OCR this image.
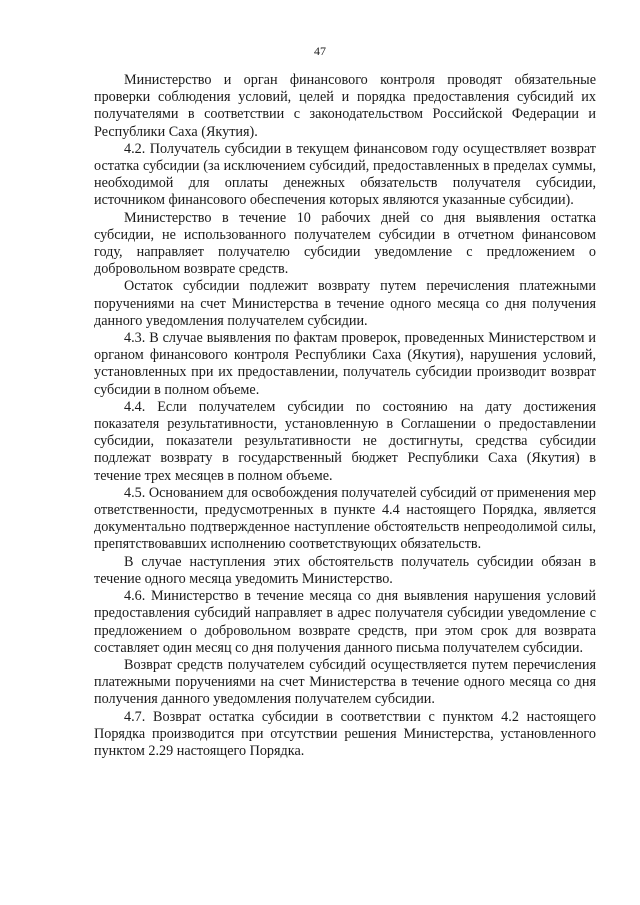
47

Министерство и орган финансового контроля проводят обязательные проверки соблюдения условий, целей и порядка предоставления субсидий их получателями в соответствии с законодательством Российской Федерации и Республики Саха (Якутия).

4.2. Получатель субсидии в текущем финансовом году осуществляет возврат остатка субсидии (за исключением субсидий, предоставленных в пределах суммы, необходимой для оплаты денежных обязательств получателя субсидии, источником финансового обеспечения которых являются указанные субсидии).

Министерство в течение 10 рабочих дней со дня выявления остатка субсидии, не использованного получателем субсидии в отчетном финансовом году, направляет получателю субсидии уведомление с предложением о добровольном возврате средств.

Остаток субсидии подлежит возврату путем перечисления платежными поручениями на счет Министерства в течение одного месяца со дня получения данного уведомления получателем субсидии.

4.3. В случае выявления по фактам проверок, проведенных Министерством и органом финансового контроля Республики Саха (Якутия), нарушения условий, установленных при их предоставлении, получатель субсидии производит возврат субсидии в полном объеме.

4.4. Если получателем субсидии по состоянию на дату достижения показателя результативности, установленную в Соглашении о предоставлении субсидии, показатели результативности не достигнуты, средства субсидии подлежат возврату в государственный бюджет Республики Саха (Якутия) в течение трех месяцев в полном объеме.

4.5. Основанием для освобождения получателей субсидий от применения мер ответственности, предусмотренных в пункте 4.4 настоящего Порядка, является документально подтвержденное наступление обстоятельств непреодолимой силы, препятствовавших исполнению соответствующих обязательств.

В случае наступления этих обстоятельств получатель субсидии обязан в течение одного месяца уведомить Министерство.

4.6. Министерство в течение месяца со дня выявления нарушения условий предоставления субсидий направляет в адрес получателя субсидии уведомление с предложением о добровольном возврате средств, при этом срок для возврата составляет один месяц со дня получения данного письма получателем субсидии.

Возврат средств получателем субсидий осуществляется путем перечисления платежными поручениями на счет Министерства в течение одного месяца со дня получения данного уведомления получателем субсидии.

4.7. Возврат остатка субсидии в соответствии с пунктом 4.2 настоящего Порядка производится при отсутствии решения Министерства, установленного пунктом 2.29 настоящего Порядка.
